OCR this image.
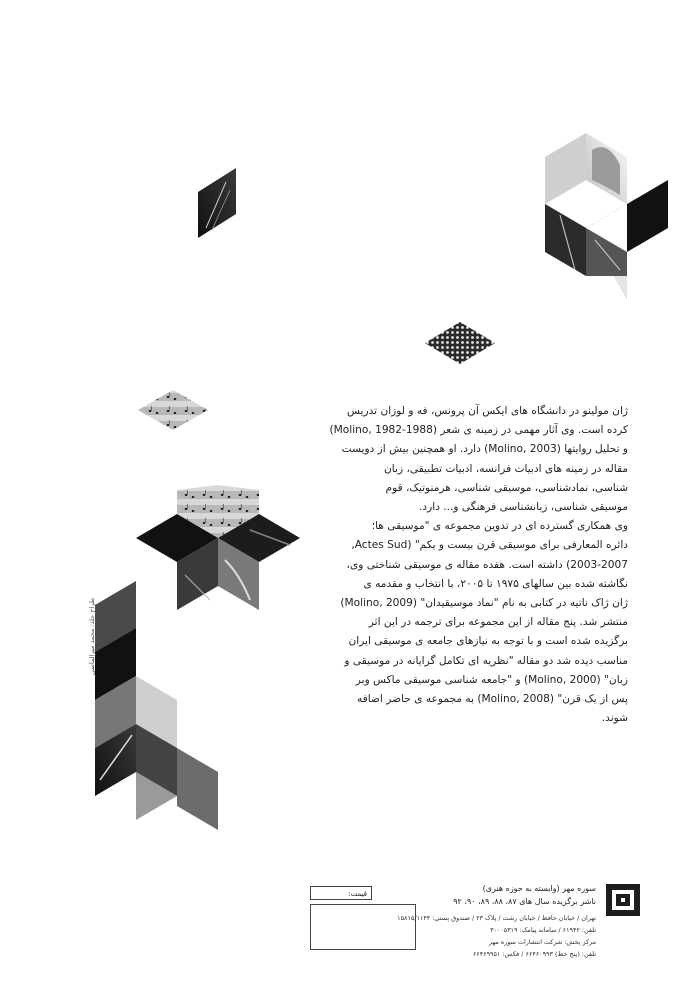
ژان مولینو در دانشگاه های ایکس آن پرونس، فه و لوزان تدریس
کرده است. وی آثار مهمی در زمینه ی شعر (Molino, 1982-1988)
و تحلیل روایتها (Molino, 2003) دارد. او همچنین بیش از دویست
مقاله در زمینه های ادبیات فرانسه، ادبیات تطبیقی، زبان
شناسی، نمادشناسی، موسیقی شناسی، هرمنوتیک، قوم
موسیقی شناسی، زبانشناسی فرهنگی و... دارد.
وی همکاری گسترده ای در تدوین مجموعه ی "موسیقی ها؛
دائره المعارفی برای موسیقی قرن بیست و یکم" (Actes Sud,
2003-2007) داشته است. هفده مقاله ی موسیقی شناختی وی،
نگاشته شده بین سالهای ۱۹۷۵ تا ۲۰۰۵، با انتخاب و مقدمه ی
ژان ژاک ناتیه در کتابی به نام "نماد موسیقیدان" (Molino, 2009)
منتشر شد. پنج مقاله از این مجموعه برای ترجمه در این اثر
برگزیده شده است و با توجه به نیازهای جامعه ی موسیقی ایران
مناسب دیده شد دو مقاله "نظریه ای تکامل گرایانه در موسیقی و
زبان" (Molino, 2000) و "جامعه شناسی موسیقی ماکس وبر
پس از یک قرن" (Molino, 2008) به مجموعه ی حاضر اضافه
شوند.
طراح جلد: محمد میرالماسی
قیمت:
سوره مهر (وابسته به حوزه هنری)
ناشر برگزیده سال های ۸۷، ۸۸، ۸۹، ۹۰، ۹۲
تهران / خیابان حافظ / خیابان رشت / پلاک ۲۳ / صندوق پستی: ۱۵۸۱۵/۱۱۴۴
تلفن: ۶۱۹۴۲ / سامانه پیامک: ۳۰۰۰۵۳۱۹
مرکز پخش: شرکت انتشارات سوره مهر
تلفن: (پنج خط) ۶۶۴۶۰۹۹۳ / فکس: ۶۶۴۶۹۹۵۱
